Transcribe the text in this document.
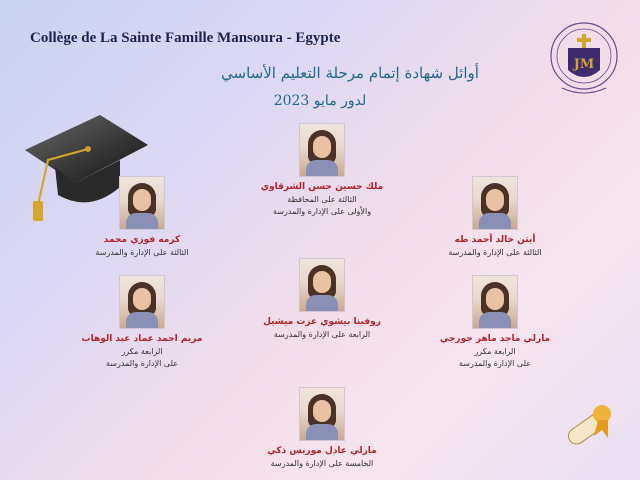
Collège de La Sainte Famille Mansoura - Egypte
أوائل شهادة إتمام مرحلة التعليم الأساسي
لدور مايو 2023
JM
ملك حسين حسن الشرقاوي
الثالثة على المحافظة
والأولى على الإدارة والمدرسة
كرمه فوزي محمد
الثالثة على الإدارة والمدرسة
أيتن خالد أحمد طه
الثالثة على الإدارة والمدرسة
روفينا بيشوي عزت ميشيل
الرابعة على الإدارة والمدرسة
مريم احمد عماد عبد الوهاب
الرابعة مكرر
على الإدارة والمدرسة
مارلي ماجد ماهر جورجي
الرابعة مكرر
على الإدارة والمدرسة
مارلي عادل موريس ذكي
الخامسة على الإدارة والمدرسة
